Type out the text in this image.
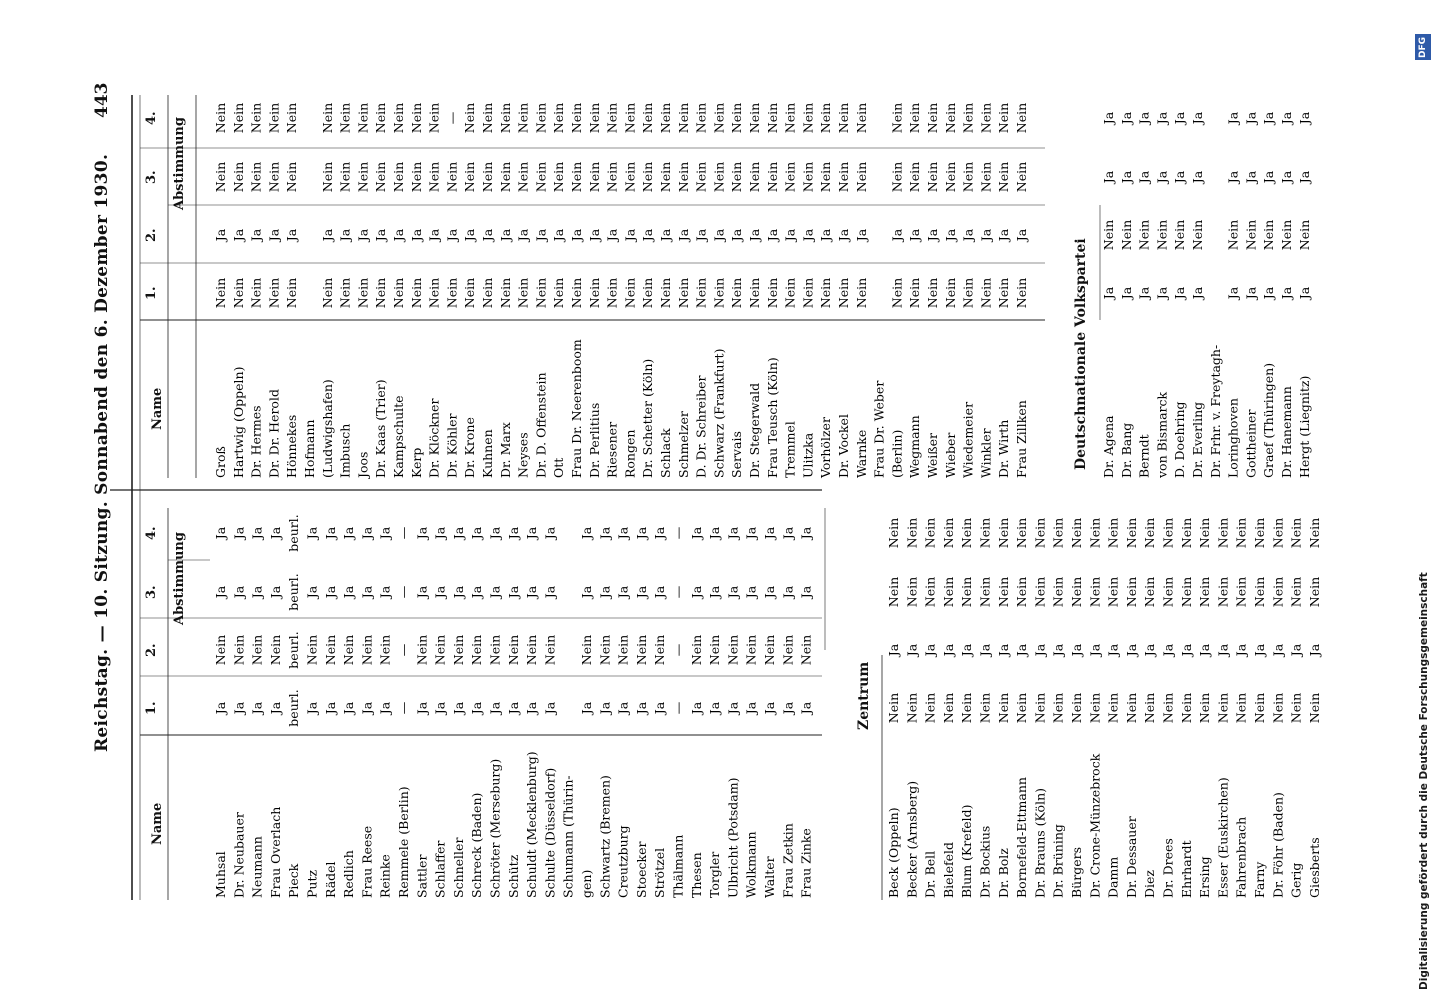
Muhsal
Ja
Nein
Ja
Ja
Dr. Neubauer
Ja
Nein
Ja
Ja
Neumann
Ja
Nein
Ja
Ja
Frau Overlach
Ja
Nein
Ja
Ja
Pieck
beurl.
beurl.
beurl.
beurl.
Putz
Ja
Nein
Ja
Ja
Rädel
Ja
Nein
Ja
Ja
Redlich
Ja
Nein
Ja
Ja
Frau Reese
Ja
Nein
Ja
Ja
Reinke
Ja
Nein
Ja
Ja
Remmele (Berlin)
—
—
—
—
Sattler
Ja
Nein
Ja
Ja
Schlaffer
Ja
Nein
Ja
Ja
Schneller
Ja
Nein
Ja
Ja
Schreck (Baden)
Ja
Nein
Ja
Ja
Schröter (Merseburg)
Ja
Nein
Ja
Ja
Schütz
Ja
Nein
Ja
Ja
Schuldt (Mecklenburg)
Ja
Nein
Ja
Ja
Schulte (Düsseldorf)
Ja
Nein
Ja
Ja
Schumann (Thürin- gen)
Ja
Nein
Ja
Ja
Schwartz (Bremen)
Ja
Nein
Ja
Ja
Creutzburg
Ja
Nein
Ja
Ja
Stoecker
Ja
Nein
Ja
Ja
Strötzel
Ja
Nein
Ja
Ja
Thälmann
—
—
—
—
Thesen
Ja
Nein
Ja
Ja
Torgler
Ja
Nein
Ja
Ja
Ulbricht (Potsdam)
Ja
Nein
Ja
Ja
Wolkmann
Ja
Nein
Ja
Ja
Walter
Ja
Nein
Ja
Ja
Frau Zetkin
Ja
Nein
Ja
Ja
Frau Zinke
Ja
Nein
Ja
Ja
Beck (Oppeln)
Nein
Ja
Nein
Nein
Becker (Arnsberg)
Nein
Ja
Nein
Nein
Dr. Bell
Nein
Ja
Nein
Nein
Bielefeld
Nein
Ja
Nein
Nein
Blum (Krefeld)
Nein
Ja
Nein
Nein
Dr. Bockius
Nein
Ja
Nein
Nein
Dr. Bolz
Nein
Ja
Nein
Nein
Bornefeld-Ettmann
Nein
Ja
Nein
Nein
Dr. Brauns (Köln)
Nein
Ja
Nein
Nein
Dr. Brüning
Nein
Ja
Nein
Nein
Bürgers
Nein
Ja
Nein
Nein
Dr. Crone-Münzebrock
Nein
Ja
Nein
Nein
Damm
Nein
Ja
Nein
Nein
Dr. Dessauer
Nein
Ja
Nein
Nein
Diez
Nein
Ja
Nein
Nein
Dr. Drees
Nein
Ja
Nein
Nein
Ehrhardt
Nein
Ja
Nein
Nein
Ersing
Nein
Ja
Nein
Nein
Esser (Euskirchen)
Nein
Ja
Nein
Nein
Fahrenbrach
Nein
Ja
Nein
Nein
Farny
Nein
Ja
Nein
Nein
Dr. Föhr (Baden)
Nein
Ja
Nein
Nein
Gerig
Nein
Ja
Nein
Nein
Giesberts
Nein
Ja
Nein
Nein
Groß
Nein
Ja
Nein
Nein
Hartwig (Oppeln)
Nein
Ja
Nein
Nein
Dr. Hermes
Nein
Ja
Nein
Nein
Dr. Dr. Herold
Nein
Ja
Nein
Nein
Hönnekes
Nein
Ja
Nein
Nein
Hofmann (Ludwigshafen)
Nein
Ja
Nein
Nein
Imbusch
Nein
Ja
Nein
Nein
Joos
Nein
Ja
Nein
Nein
Dr. Kaas (Trier)
Nein
Ja
Nein
Nein
Kampschulte
Nein
Ja
Nein
Nein
Kerp
Nein
Ja
Nein
Nein
Dr. Klöckner
Nein
Ja
Nein
Nein
Dr. Köhler
Nein
Ja
Nein
—
Dr. Krone
Nein
Ja
Nein
Nein
Kuhnen
Nein
Ja
Nein
Nein
Dr. Marx
Nein
Ja
Nein
Nein
Neyses
Nein
Ja
Nein
Nein
Dr. D. Offenstein
Nein
Ja
Nein
Nein
Ott
Nein
Ja
Nein
Nein
Frau Dr. Neerenboom
Nein
Ja
Nein
Nein
Dr. Perlitius
Nein
Ja
Nein
Nein
Riesener
Nein
Ja
Nein
Nein
Rongen
Nein
Ja
Nein
Nein
Dr. Schetter (Köln)
Nein
Ja
Nein
Nein
Schlack
Nein
Ja
Nein
Nein
Schmelzer
Nein
Ja
Nein
Nein
D. Dr. Schreiber
Nein
Ja
Nein
Nein
Schwarz (Frankfurt)
Nein
Ja
Nein
Nein
Servais
Nein
Ja
Nein
Nein
Dr. Stegerwald
Nein
Ja
Nein
Nein
Frau Teusch (Köln)
Nein
Ja
Nein
Nein
Tremmel
Nein
Ja
Nein
Nein
Ulitzka
Nein
Ja
Nein
Nein
Vorhölzer
Nein
Ja
Nein
Nein
Dr. Vockel
Nein
Ja
Nein
Nein
Warnke
Nein
Ja
Nein
Nein
Frau Dr. Weber (Berlin)
Nein
Ja
Nein
Nein
Wegmann
Nein
Ja
Nein
Nein
Weißer
Nein
Ja
Nein
Nein
Wieber
Nein
Ja
Nein
Nein
Wiedemeier
Nein
Ja
Nein
Nein
Winkler
Nein
Ja
Nein
Nein
Dr. Wirth
Nein
Ja
Nein
Nein
Frau Zillken
Nein
Ja
Nein
Nein
Dr. Agena
Ja
Nein
Ja
Ja
Dr. Bang
Ja
Nein
Ja
Ja
Berndt
Ja
Nein
Ja
Ja
von Bismarck
Ja
Nein
Ja
Ja
D. Doehring
Ja
Nein
Ja
Ja
Dr. Everling
Ja
Nein
Ja
Ja
Dr. Frhr. v. Freytagh- Loringhoven
Ja
Nein
Ja
Ja
Gottheiner
Ja
Nein
Ja
Ja
Graef (Thüringen)
Ja
Nein
Ja
Ja
Dr. Hanemann
Ja
Nein
Ja
Ja
Hergt (Liegnitz)
Ja
Nein
Ja
Ja
Reichstag. — 10. Sitzung. Sonnabend den 6. Dezember 1930.
443
Name
Name
Abstimmung
Abstimmung
1.
2.
3.
4.
1.
2.
3.
4.
Zentrum
Deutschnationale Volkspartei
DFG
Digitalisierung gefördert durch die Deutsche Forschungsgemeinschaft
